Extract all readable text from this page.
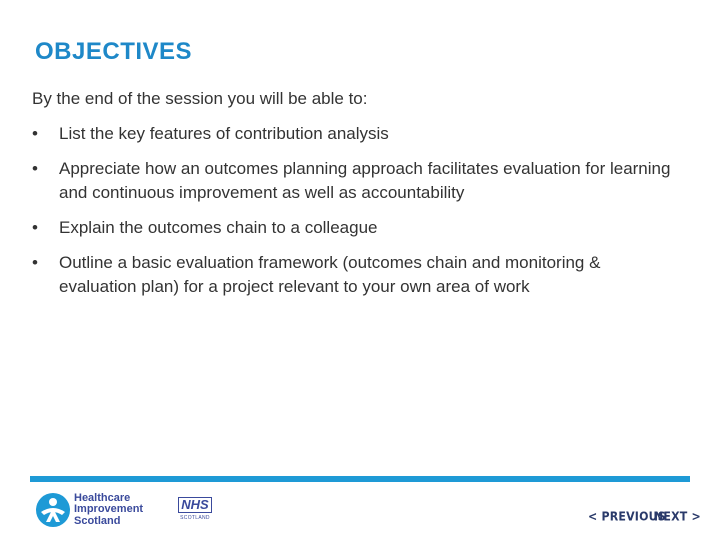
OBJECTIVES
By the end of the session you will be able to:
•	List the key features of contribution analysis
•	Appreciate how an outcomes planning approach facilitates evaluation for learning and continuous improvement as well as accountability
•	Explain the outcomes chain to a colleague
•	Outline a basic evaluation framework (outcomes chain and monitoring & evaluation plan) for a project relevant to your own area of work
Healthcare
Improvement
Scotland
NHS
SCOTLAND	< PREVIOUS
NEXT >
